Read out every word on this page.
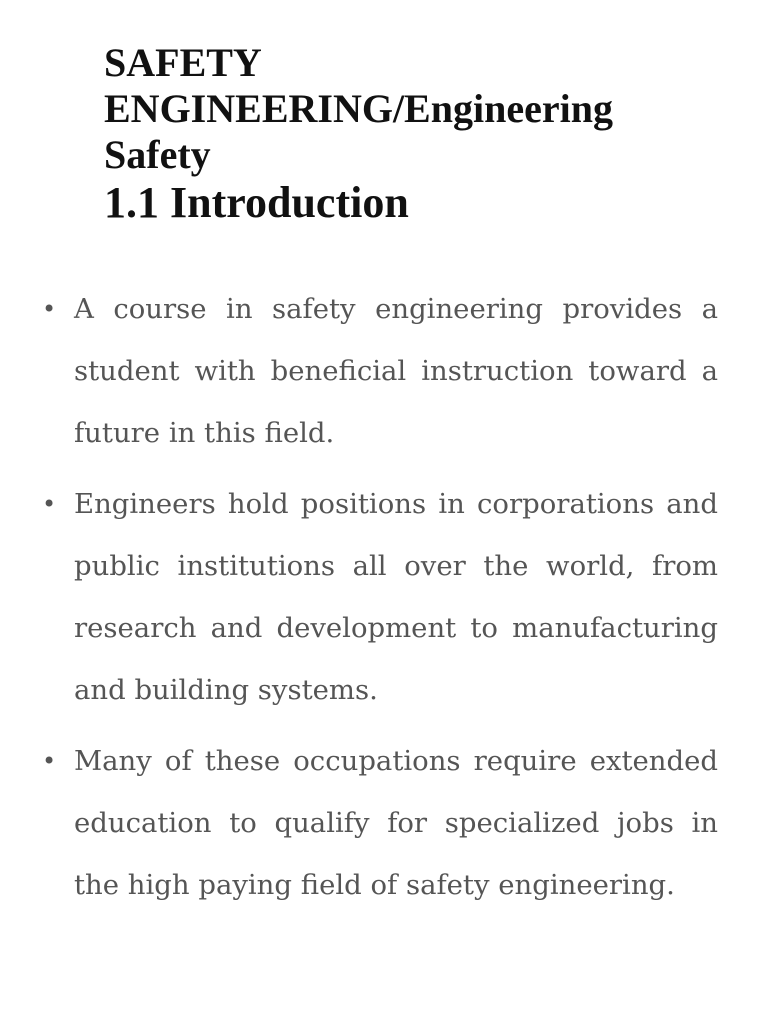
SAFETY ENGINEERING/Engineering Safety
1.1 Introduction
• A course in safety engineering provides a student with beneficial instruction toward a future in this field.
• Engineers hold positions in corporations and public institutions all over the world, from research and development to manufacturing and building systems.
• Many of these occupations require extended education to qualify for specialized jobs in the high paying field of safety engineering.
